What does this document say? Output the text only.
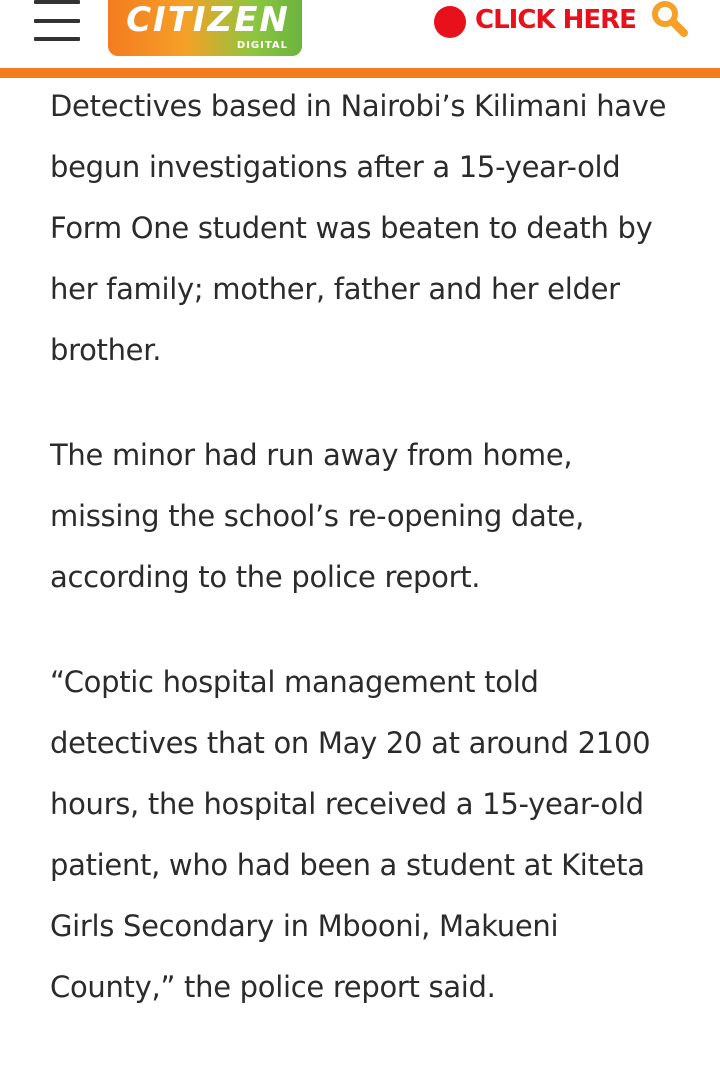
CITIZEN
DIGITAL
CLICK HERE

Detectives based in Nairobi’s Kilimani have begun investigations after a 15-year-old Form One student was beaten to death by her family; mother, father and her elder brother.

The minor had run away from home, missing the school’s re-opening date, according to the police report.

“Coptic hospital management told detectives that on May 20 at around 2100 hours, the hospital received a 15-year-old patient, who had been a student at Kiteta Girls Secondary in Mbooni, Makueni County,” the police report said.
